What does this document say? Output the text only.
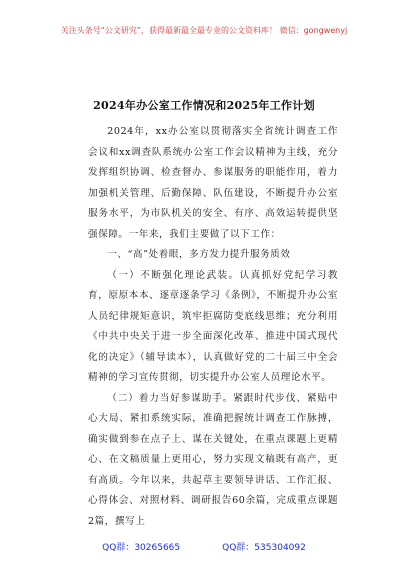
关注头条号“公文研究”，获得最新最全最专业的公文资料库！ 微信：gongwenyj
2024年办公室工作情况和2025年工作计划

2024年，xx办公室以贯彻落实全省统计调查工作会议和xx调查队系统办公室工作会议精神为主线，充分发挥组织协调、检查督办、参谋服务的职能作用，着力加强机关管理、后勤保障、队伍建设，不断提升办公室服务水平，为市队机关的安全、有序、高效运转提供坚强保障。一年来，我们主要做了以下工作：

一、“高”处着眼，多方发力提升服务质效

（一）不断强化理论武装。认真抓好党纪学习教育，原原本本、逐章逐条学习《条例》，不断提升办公室人员纪律规矩意识，筑牢拒腐防变底线思维；充分利用《中共中央关于进一步全面深化改革、推进中国式现代化的决定》（辅导读本），认真做好党的二十届三中全会精神的学习宣传贯彻，切实提升办公室人员理论水平。

（二）着力当好参谋助手。紧跟时代步伐、紧贴中心大局、紧扣系统实际，准确把握统计调查工作脉搏，确实做到参在点子上、谋在关键处，在重点课题上更精心、在文稿质量上更用心，努力实现文稿既有高产，更有高质。今年以来，共起草主要领导讲话、工作汇报、心得体会、对照材料、调研报告60余篇，完成重点课题2篇，撰写上

QQ群：30265665	QQ群：535304092
